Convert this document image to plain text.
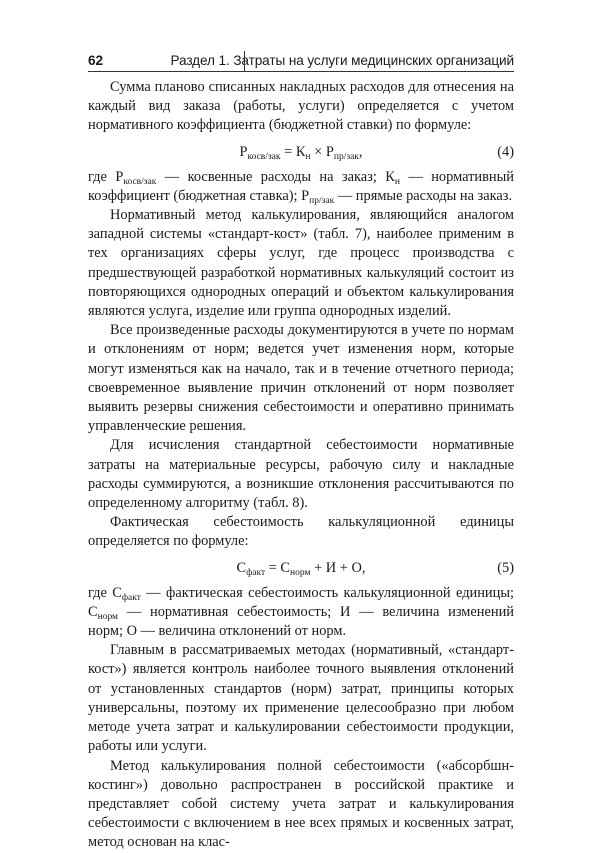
62	Раздел 1. Затраты на услуги медицинских организаций

Сумма планово списанных накладных расходов для отнесения на каждый вид заказа (работы, услуги) определяется с учетом нормативного коэффициента (бюджетной ставки) по формуле:

$Р_{косв/зак} = К_н \times Р_{пр/зак}$,	(4)

где $Р_{косв/зак}$ — косвенные расходы на заказ; $К_н$ — нормативный коэффициент (бюджетная ставка); $Р_{пр/зак}$ — прямые расходы на заказ.

Нормативный метод калькулирования, являющийся аналогом западной системы «стандарт-кост» (табл. 7), наиболее применим в тех организациях сферы услуг, где процесс производства с предшествующей разработкой нормативных калькуляций состоит из повторяющихся однородных операций и объектом калькулирования являются услуга, изделие или группа однородных изделий.

Все произведенные расходы документируются в учете по нормам и отклонениям от норм; ведется учет изменения норм, которые могут изменяться как на начало, так и в течение отчетного периода; своевременное выявление причин отклонений от норм позволяет выявить резервы снижения себестоимости и оперативно принимать управленческие решения.

Для исчисления стандартной себестоимости нормативные затраты на материальные ресурсы, рабочую силу и накладные расходы суммируются, а возникшие отклонения рассчитываются по определенному алгоритму (табл. 8).

Фактическая себестоимость калькуляционной единицы определяется по формуле:

$С_{факт} = С_{норм} + И + О$,	(5)

где $С_{факт}$ — фактическая себестоимость калькуляционной единицы; $С_{норм}$ — нормативная себестоимость; И — величина изменений норм; О — величина отклонений от норм.

Главным в рассматриваемых методах (нормативный, «стандарт-кост») является контроль наиболее точного выявления отклонений от установленных стандартов (норм) затрат, принципы которых универсальны, поэтому их применение целесообразно при любом методе учета затрат и калькулировании себестоимости продукции, работы или услуги.

Метод калькулирования полной себестоимости («абсорбшн-костинг») довольно распространен в российской практике и представляет собой систему учета затрат и калькулирования себестоимости с включением в нее всех прямых и косвенных затрат, метод основан на клас-
